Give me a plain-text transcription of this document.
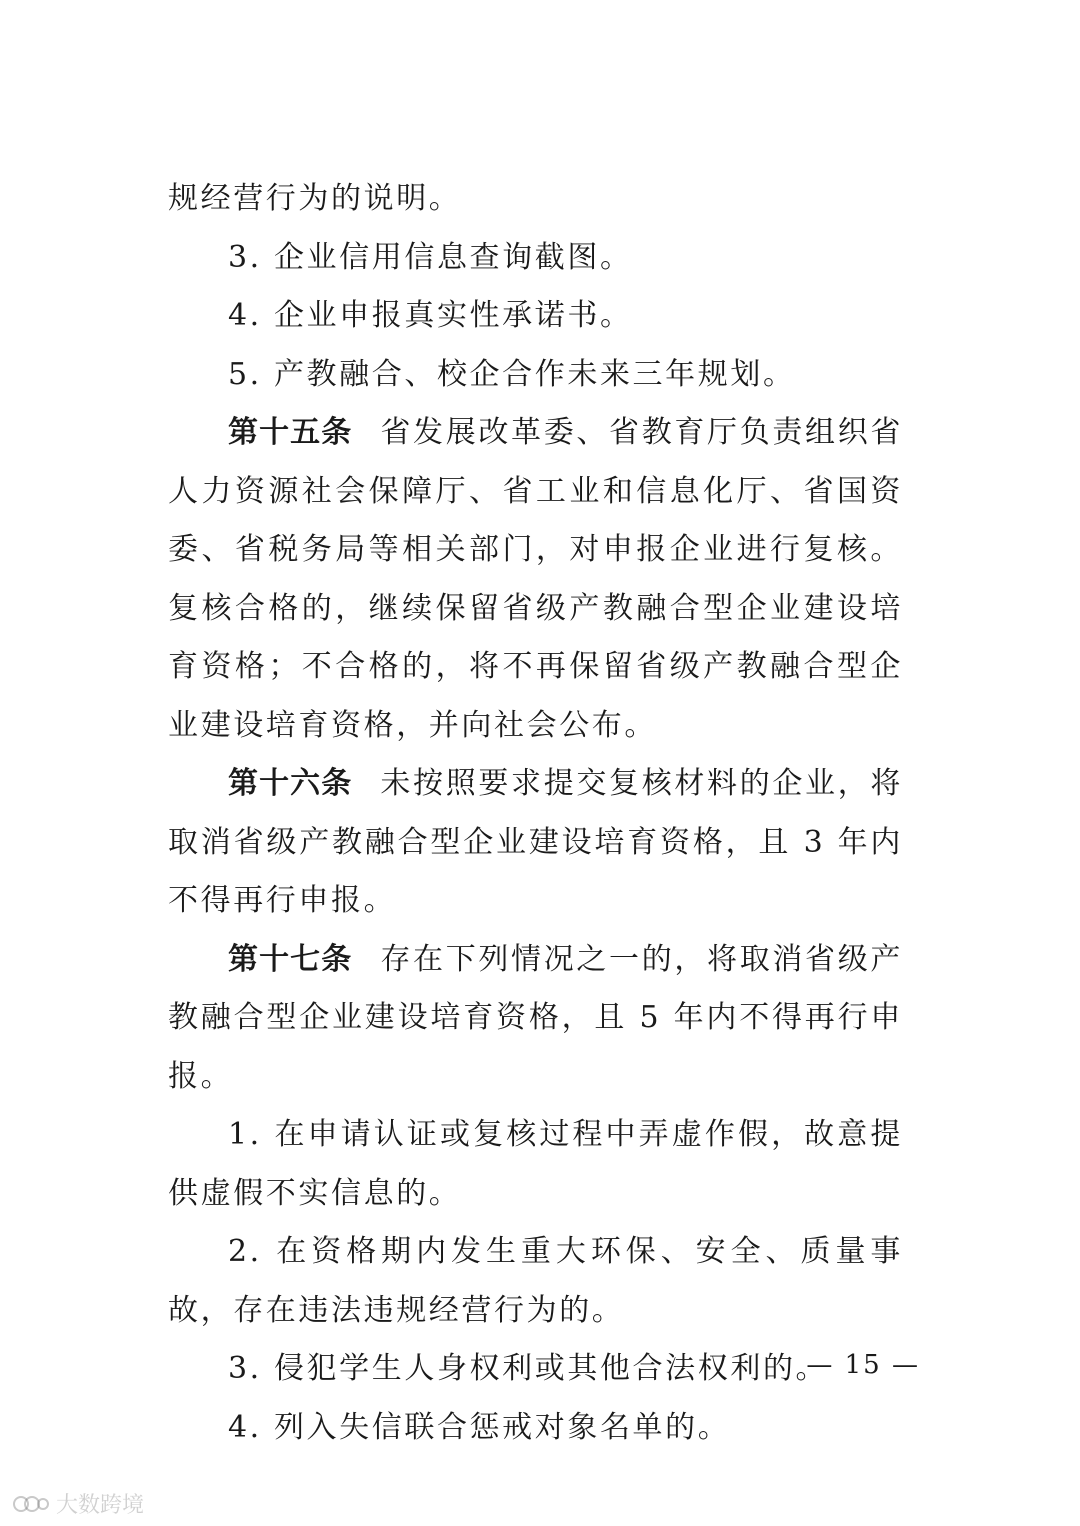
规经营行为的说明。

3. 企业信用信息查询截图。

4. 企业申报真实性承诺书。

5. 产教融合、校企合作未来三年规划。

第十五条 省发展改革委、省教育厅负责组织省人力资源社会保障厅、省工业和信息化厅、省国资委、省税务局等相关部门，对申报企业进行复核。复核合格的，继续保留省级产教融合型企业建设培育资格；不合格的，将不再保留省级产教融合型企业建设培育资格，并向社会公布。

第十六条 未按照要求提交复核材料的企业，将取消省级产教融合型企业建设培育资格，且 3 年内不得再行申报。

第十七条 存在下列情况之一的，将取消省级产教融合型企业建设培育资格，且 5 年内不得再行申报。

1. 在申请认证或复核过程中弄虚作假，故意提供虚假不实信息的。

2. 在资格期内发生重大环保、安全、质量事故，存在违法违规经营行为的。

3. 侵犯学生人身权利或其他合法权利的。

4. 列入失信联合惩戒对象名单的。

— 15 —
大数跨境
